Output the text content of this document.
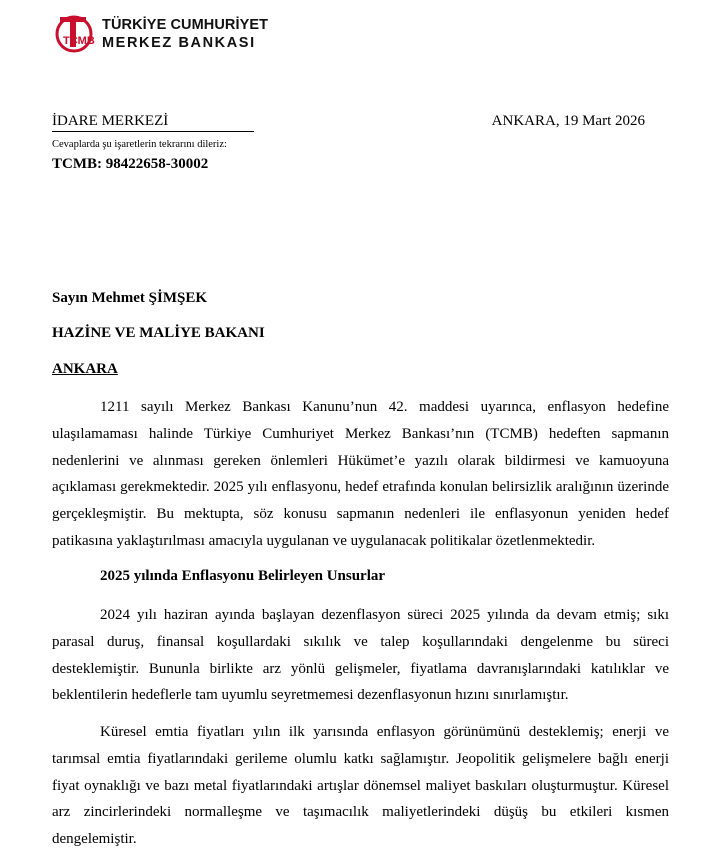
TCMB
TÜRKİYE CUMHURİYET
MERKEZ BANKASI
İDARE MERKEZİ	ANKARA, 19 Mart 2026
Cevaplarda şu işaretlerin tekrarını dileriz:
TCMB: 98422658-30002
Sayın Mehmet ŞİMŞEK
HAZİNE VE MALİYE BAKANI
ANKARA

1211 sayılı Merkez Bankası Kanunu’nun 42. maddesi uyarınca, enflasyon hedefine ulaşılamaması halinde Türkiye Cumhuriyet Merkez Bankası’nın (TCMB) hedeften sapmanın nedenlerini ve alınması gereken önlemleri Hükümet’e yazılı olarak bildirmesi ve kamuoyuna açıklaması gerekmektedir. 2025 yılı enflasyonu, hedef etrafında konulan belirsizlik aralığının üzerinde gerçekleşmiştir. Bu mektupta, söz konusu sapmanın nedenleri ile enflasyonun yeniden hedef patikasına yaklaştırılması amacıyla uygulanan ve uygulanacak politikalar özetlenmektedir.

2025 yılında Enflasyonu Belirleyen Unsurlar

2024 yılı haziran ayında başlayan dezenflasyon süreci 2025 yılında da devam etmiş; sıkı parasal duruş, finansal koşullardaki sıkılık ve talep koşullarındaki dengelenme bu süreci desteklemiştir. Bununla birlikte arz yönlü gelişmeler, fiyatlama davranışlarındaki katılıklar ve beklentilerin hedeflerle tam uyumlu seyretmemesi dezenflasyonun hızını sınırlamıştır.

Küresel emtia fiyatları yılın ilk yarısında enflasyon görünümünü desteklemiş; enerji ve tarımsal emtia fiyatlarındaki gerileme olumlu katkı sağlamıştır. Jeopolitik gelişmelere bağlı enerji fiyat oynaklığı ve bazı metal fiyatlarındaki artışlar dönemsel maliyet baskıları oluşturmuştur. Küresel arz zincirlerindeki normalleşme ve taşımacılık maliyetlerindeki düşüş bu etkileri kısmen dengelemiştir.
